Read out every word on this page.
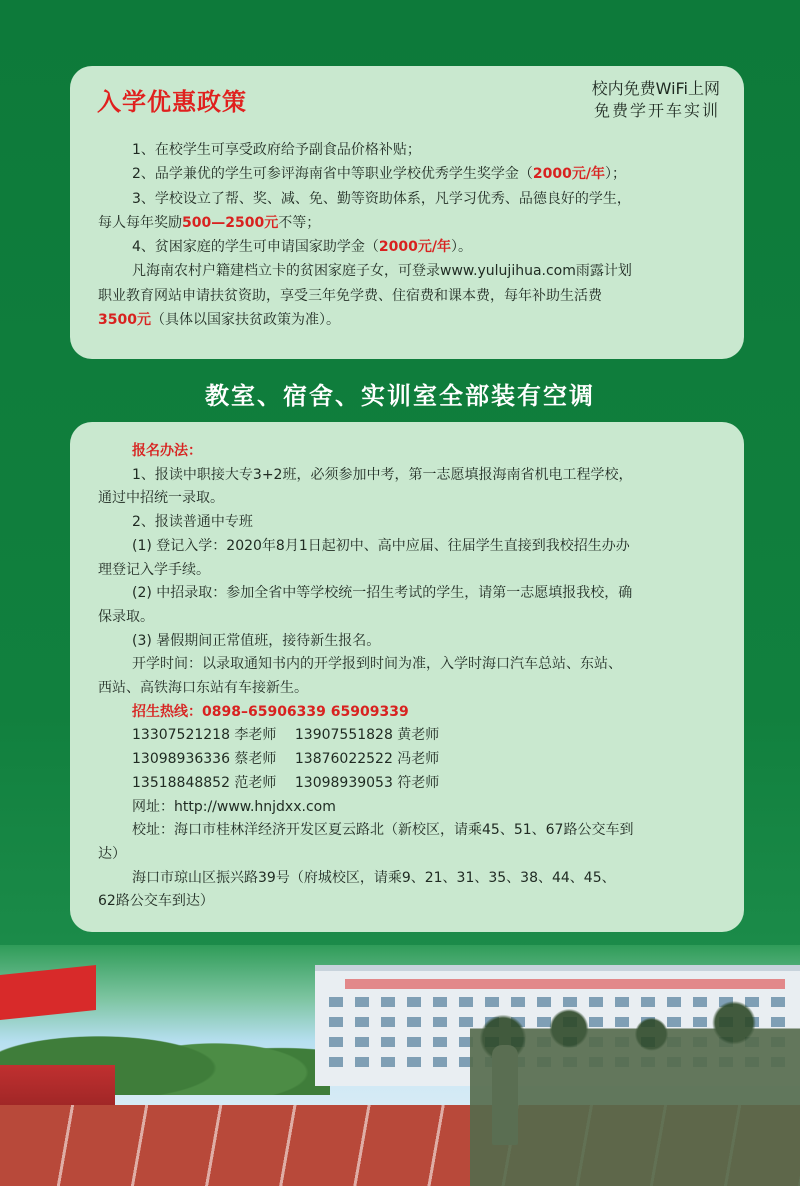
入学优惠政策	校内免费WiFi上网
免费学开车实训
1、在校学生可享受政府给予副食品价格补贴；
2、品学兼优的学生可参评海南省中等职业学校优秀学生奖学金（2000元/年）；
3、学校设立了帮、奖、减、免、勤等资助体系，凡学习优秀、品德良好的学生，
每人每年奖励500—2500元不等；
4、贫困家庭的学生可申请国家助学金（2000元/年）。
凡海南农村户籍建档立卡的贫困家庭子女，可登录www.yulujihua.com雨露计划
职业教育网站申请扶贫资助，享受三年免学费、住宿费和课本费，每年补助生活费
3500元（具体以国家扶贫政策为准）。
教室、宿舍、实训室全部装有空调
报名办法：
1、报读中职接大专3+2班，必须参加中考，第一志愿填报海南省机电工程学校，
通过中招统一录取。
2、报读普通中专班
(1) 登记入学：2020年8月1日起初中、高中应届、往届学生直接到我校招生办办
理登记入学手续。
(2) 中招录取：参加全省中等学校统一招生考试的学生，请第一志愿填报我校，确
保录取。
(3) 暑假期间正常值班，接待新生报名。
开学时间：以录取通知书内的开学报到时间为准，入学时海口汽车总站、东站、
西站、高铁海口东站有车接新生。
招生热线：0898–65906339 65909339
13307521218 李老师　 13907551828 黄老师
13098936336 蔡老师　 13876022522 冯老师
13518848852 范老师　 13098939053 符老师
网址：http://www.hnjdxx.com
校址：海口市桂林洋经济开发区夏云路北（新校区，请乘45、51、67路公交车到
达）
海口市琼山区振兴路39号（府城校区，请乘9、21、31、35、38、44、45、
62路公交车到达）
